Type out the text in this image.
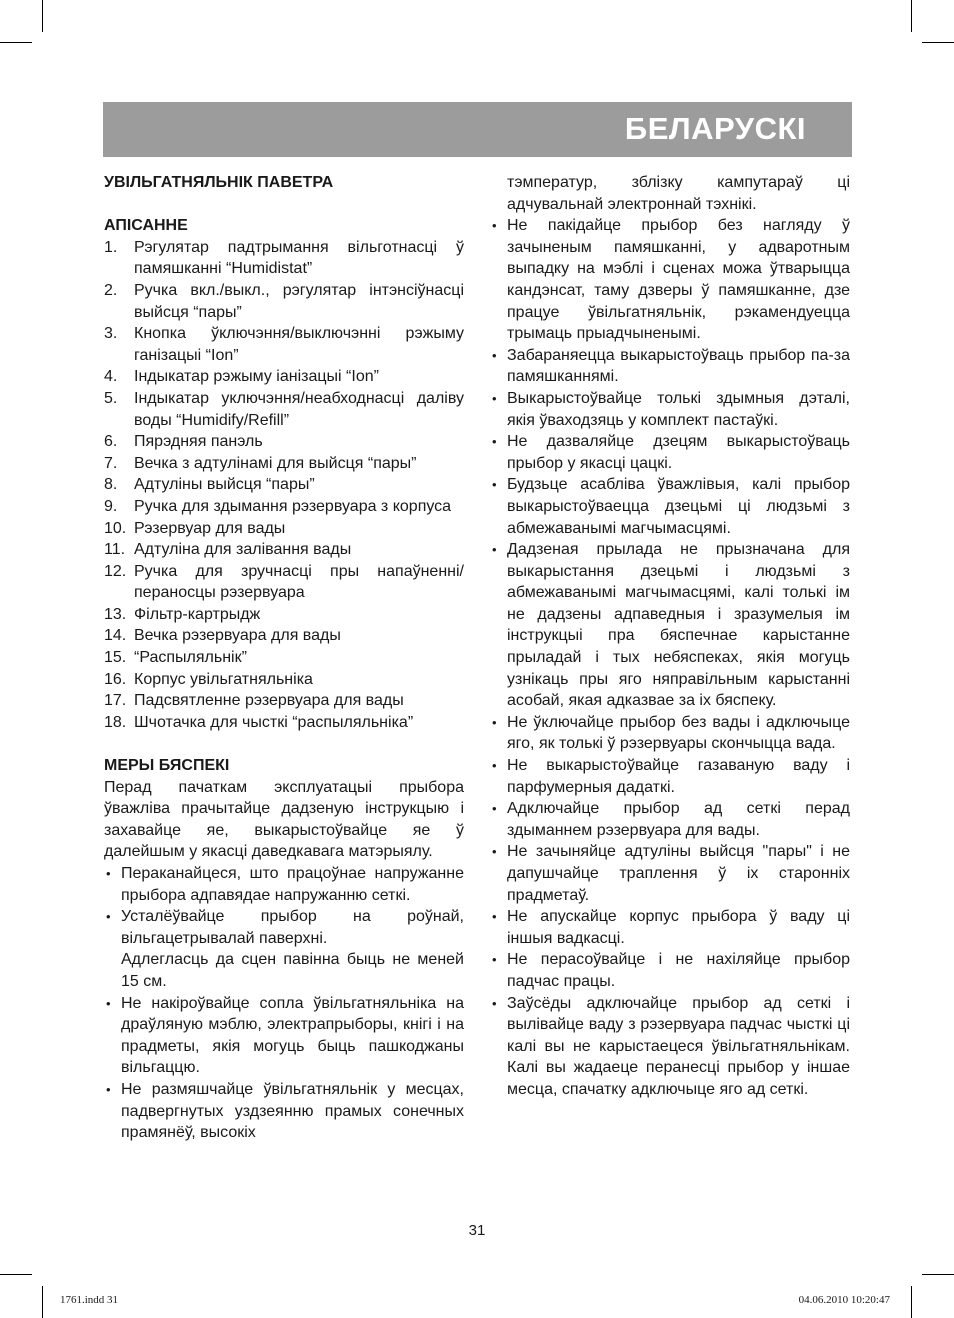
БЕЛАРУСКІ

УВІЛЬГАТНЯЛЬНІК ПАВЕТРА

АПІСАННЕ

1. Рэгулятар падтрымання вільготнасці ў памяшканні “Humidistat”
2. Ручка вкл./выкл., рэгулятар інтэнсіўнасці выйсця “пары”
3. Кнопка ўключэння/выключэнні рэжыму ганізацыі “Ion”
4. Індыкатар рэжыму іанізацыі “Ion”
5. Індыкатар уключэння/неабходнасці даліву воды “Humidify/Refill”
6. Пярэдняя панэль
7. Вечка з адтулінамі для выйсця “пары”
8. Адтуліны выйсця “пары”
9. Ручка для здымання рэзервуара з корпуса
10. Рэзервуар для вады
11. Адтуліна для залівання вады
12. Ручка для зручнасці пры напаўненні/ пераносцы рэзервуара
13. Фільтр-картрыдж
14. Вечка рэзервуара для вады
15. “Распыляльнік”
16. Корпус увільгатняльніка
17. Падсвятленне рэзервуара для вады
18. Шчотачка для чысткі “распыляльніка”

МЕРЫ БЯСПЕКІ

Перад пачаткам эксплуатацыі прыбора ўважліва прачытайце дадзеную інструкцыю і захавайце яе, выкарыстоўвайце яе ў далейшым у якасці даведкавага матэрыялу.

• Пераканайцеся, што працоўнае напружанне прыбора адпавядае напружанню сеткі.
• Усталёўвайце прыбор на роўнай, вільгацетрывалай паверхні.

Адлегласць да сцен павінна быць не меней 15 см.

• Не накіроўвайце сопла ўвільгатняльніка на драўляную мэблю, электрапрыборы, кнігі і на прадметы, якія могуць быць пашкоджаны вільгаццю.
• Не размяшчайце ўвільгатняльнік у месцах, падвергнутых уздзеянню прамых сонечных прамянёў, высокіх

тэмператур, зблізку кампутараў ці адчувальнай электроннай тэхнікі.

• Не пакідайце прыбор без нагляду ў зачыненым памяшканні, у адваротным выпадку на мэблі і сценах можа ўтварыцца кандэнсат, таму дзверы ў памяшканне, дзе працуе ўвільгатняльнік, рэкамендуецца трымаць прыадчыненымі.
• Забараняецца выкарыстоўваць прыбор па-за памяшканнямі.
• Выкарыстоўвайце толькі здымныя дэталі, якія ўваходзяць у комплект пастаўкі.
• Не дазваляйце дзецям выкарыстоўваць прыбор у якасці цацкі.
• Будзьце асабліва ўважлівыя, калі прыбор выкарыстоўваецца дзецьмі ці людзьмі з абмежаванымі магчымасцямі.
• Дадзеная прылада не прызначана для выкарыстання дзецьмі і людзьмі з абмежаванымі магчымасцямі, калі толькі ім не дадзены адпаведныя і зразумелыя ім інструкцыі пра бяспечнае карыстанне прыладай і тых небяспеках, якія могуць узнікаць пры яго няправільным карыстанні асобай, якая адказвае за іх бяспеку.
• Не ўключайце прыбор без вады і адключыце яго, як толькі ў рэзервуары скончыцца вада.
• Не выкарыстоўвайце газаваную ваду і парфумерныя дадаткі.
• Адключайце прыбор ад сеткі перад здыманнем рэзервуара для вады.
• Не зачыняйце адтуліны выйсця "пары" і не дапушчайце траплення ў іх староннiх прадметаў.
• Не апускайце корпус прыбора ў ваду ці іншыя вадкасці.
• Не перасоўвайце і не нахіляйце прыбор падчас працы.
• Заўсёды адключайце прыбор ад сеткі і вылівайце ваду з рэзервуара падчас чысткі ці калі вы не карыстаецеся ўвільгатняльнікам. Калі вы жадаеце перанесці прыбор у іншае месца, спачатку адключыце яго ад сеткі.
31
1761.indd 31	04.06.2010 10:20:47
